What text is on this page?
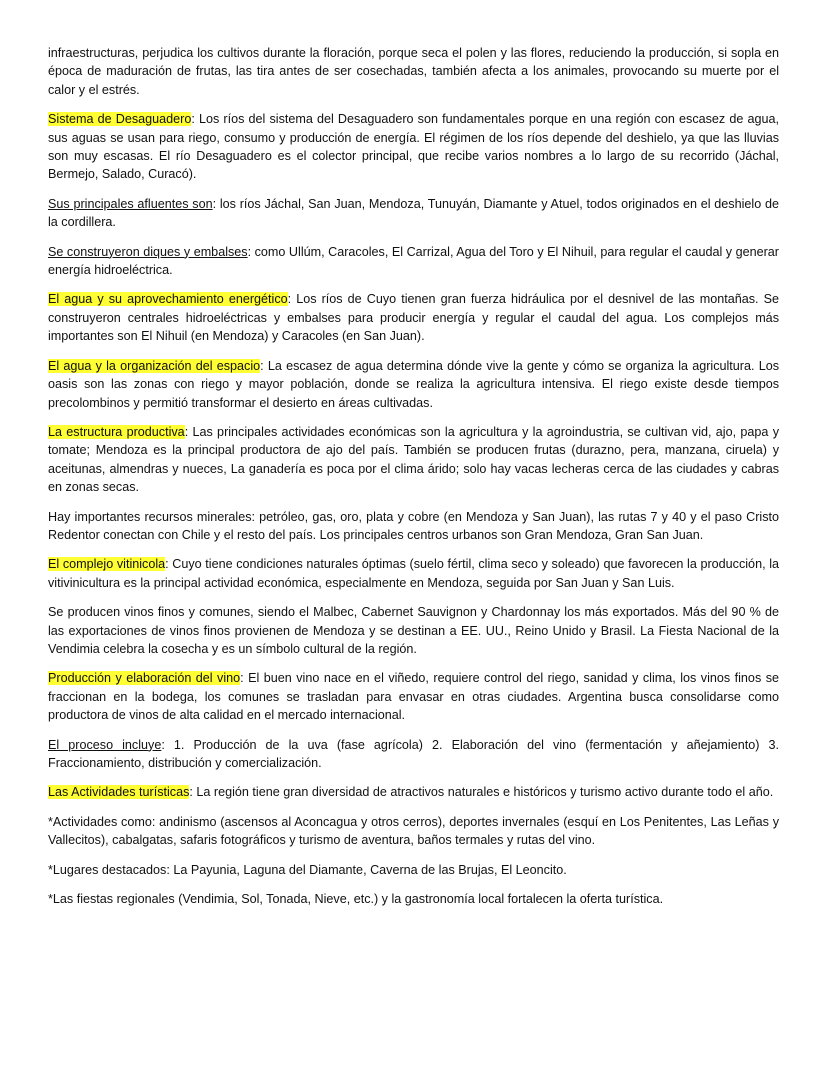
infraestructuras, perjudica los cultivos durante la floración, porque seca el polen y las flores, reduciendo la producción, si sopla en época de maduración de frutas, las tira antes de ser cosechadas, también afecta a los animales, provocando su muerte por el calor y el estrés.

Sistema de Desaguadero: Los ríos del sistema del Desaguadero son fundamentales porque en una región con escasez de agua, sus aguas se usan para riego, consumo y producción de energía. El régimen de los ríos depende del deshielo, ya que las lluvias son muy escasas. El río Desaguadero es el colector principal, que recibe varios nombres a lo largo de su recorrido (Jáchal, Bermejo, Salado, Curacó).

Sus principales afluentes son: los ríos Jáchal, San Juan, Mendoza, Tunuyán, Diamante y Atuel, todos originados en el deshielo de la cordillera.

Se construyeron diques y embalses: como Ullúm, Caracoles, El Carrizal, Agua del Toro y El Nihuil, para regular el caudal y generar energía hidroeléctrica.

El agua y su aprovechamiento energético: Los ríos de Cuyo tienen gran fuerza hidráulica por el desnivel de las montañas. Se construyeron centrales hidroeléctricas y embalses para producir energía y regular el caudal del agua. Los complejos más importantes son El Nihuil (en Mendoza) y Caracoles (en San Juan).

El agua y la organización del espacio: La escasez de agua determina dónde vive la gente y cómo se organiza la agricultura. Los oasis son las zonas con riego y mayor población, donde se realiza la agricultura intensiva. El riego existe desde tiempos precolombinos y permitió transformar el desierto en áreas cultivadas.

La estructura productiva: Las principales actividades económicas son la agricultura y la agroindustria, se cultivan vid, ajo, papa y tomate; Mendoza es la principal productora de ajo del país. También se producen frutas (durazno, pera, manzana, ciruela) y aceitunas, almendras y nueces, La ganadería es poca por el clima árido; solo hay vacas lecheras cerca de las ciudades y cabras en zonas secas.

Hay importantes recursos minerales: petróleo, gas, oro, plata y cobre (en Mendoza y San Juan), las rutas 7 y 40 y el paso Cristo Redentor conectan con Chile y el resto del país. Los principales centros urbanos son Gran Mendoza, Gran San Juan.

El complejo vitinicola: Cuyo tiene condiciones naturales óptimas (suelo fértil, clima seco y soleado) que favorecen la producción, la vitivinicultura es la principal actividad económica, especialmente en Mendoza, seguida por San Juan y San Luis.

Se producen vinos finos y comunes, siendo el Malbec, Cabernet Sauvignon y Chardonnay los más exportados. Más del 90 % de las exportaciones de vinos finos provienen de Mendoza y se destinan a EE. UU., Reino Unido y Brasil. La Fiesta Nacional de la Vendimia celebra la cosecha y es un símbolo cultural de la región.

Producción y elaboración del vino: El buen vino nace en el viñedo, requiere control del riego, sanidad y clima, los vinos finos se fraccionan en la bodega, los comunes se trasladan para envasar en otras ciudades. Argentina busca consolidarse como productora de vinos de alta calidad en el mercado internacional.

El proceso incluye: 1. Producción de la uva (fase agrícola) 2. Elaboración del vino (fermentación y añejamiento) 3. Fraccionamiento, distribución y comercialización.

Las Actividades turísticas: La región tiene gran diversidad de atractivos naturales e históricos y turismo activo durante todo el año.

*Actividades como: andinismo (ascensos al Aconcagua y otros cerros), deportes invernales (esquí en Los Penitentes, Las Leñas y Vallecitos), cabalgatas, safaris fotográficos y turismo de aventura, baños termales y rutas del vino.

*Lugares destacados: La Payunia, Laguna del Diamante, Caverna de las Brujas, El Leoncito.

*Las fiestas regionales (Vendimia, Sol, Tonada, Nieve, etc.) y la gastronomía local fortalecen la oferta turística.
